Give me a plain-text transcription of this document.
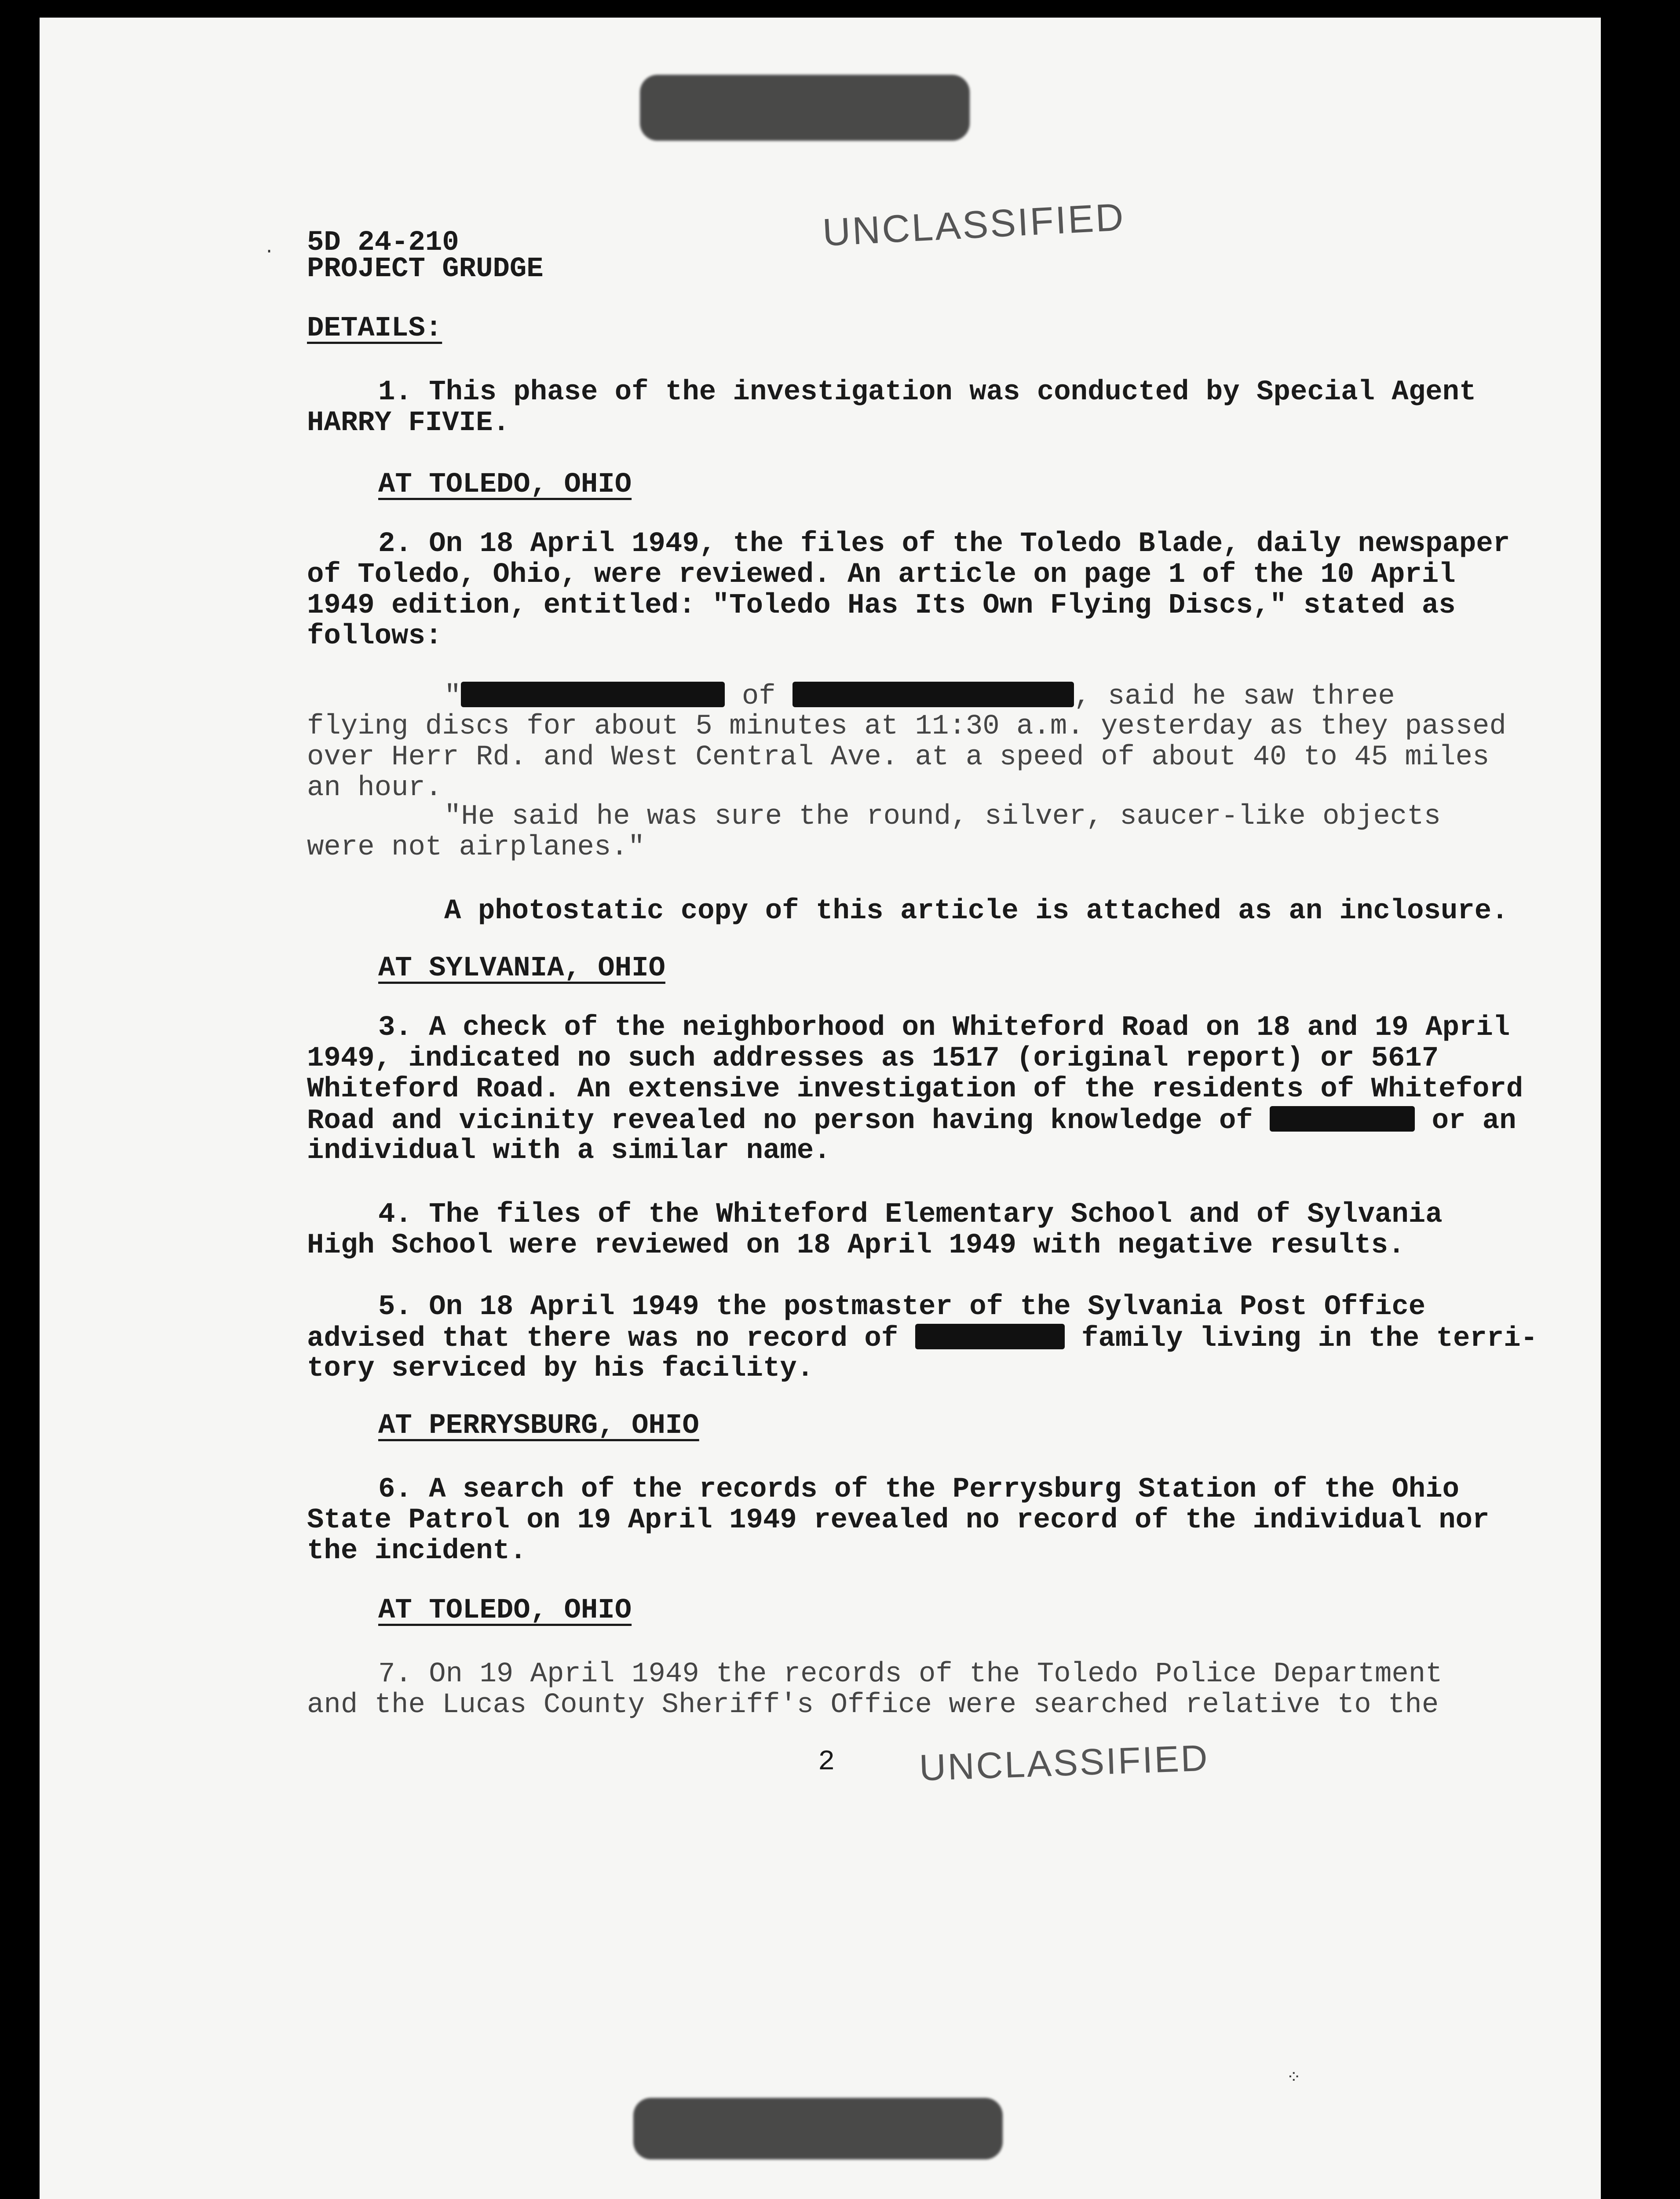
UNCLASSIFIED
5D 24-210
PROJECT GRUDGE
DETAILS:
1. This phase of the investigation was conducted by Special Agent
HARRY FIVIE.
AT TOLEDO, OHIO
2. On 18 April 1949, the files of the Toledo Blade, daily newspaper
of Toledo, Ohio, were reviewed. An article on page 1 of the 10 April
1949 edition, entitled: "Toledo Has Its Own Flying Discs," stated as
follows:
"	of	, said he saw three
flying discs for about 5 minutes at 11:30 a.m. yesterday as they passed
over Herr Rd. and West Central Ave. at a speed of about 40 to 45 miles
an hour.
"He said he was sure the round, silver, saucer-like objects
were not airplanes."
A photostatic copy of this article is attached as an inclosure.
AT SYLVANIA, OHIO
3. A check of the neighborhood on Whiteford Road on 18 and 19 April
1949, indicated no such addresses as 1517 (original report) or 5617
Whiteford Road. An extensive investigation of the residents of Whiteford
Road and vicinity revealed no person having knowledge of	or an
individual with a similar name.
4. The files of the Whiteford Elementary School and of Sylvania
High School were reviewed on 18 April 1949 with negative results.
5. On 18 April 1949 the postmaster of the Sylvania Post Office
advised that there was no record of	family living in the terri-
tory serviced by his facility.
AT PERRYSBURG, OHIO
6. A search of the records of the Perrysburg Station of the Ohio
State Patrol on 19 April 1949 revealed no record of the individual nor
the incident.
AT TOLEDO, OHIO
7. On 19 April 1949 the records of the Toledo Police Department
and the Lucas County Sheriff's Office were searched relative to the
2 UNCLASSIFIED
⁘
·
